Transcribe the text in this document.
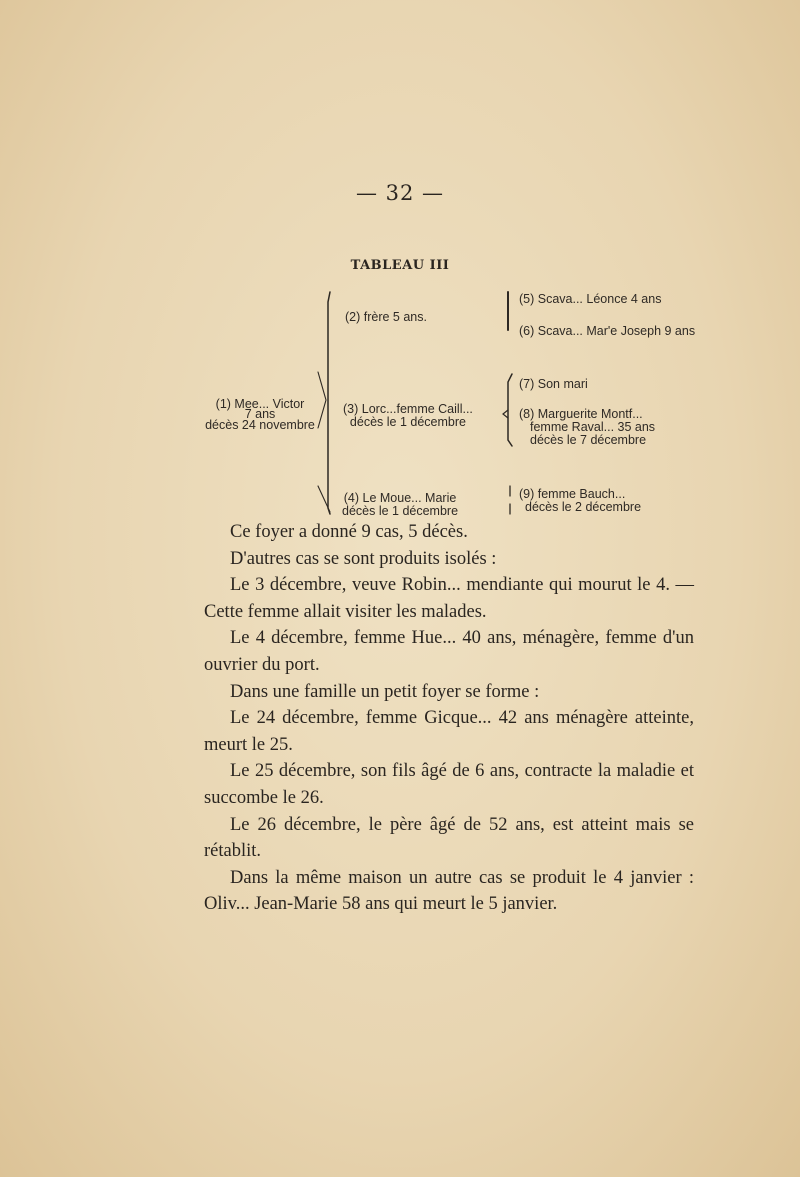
— 32 —
TABLEAU III
(1) Mee... Victor
7 ans
décès 24 novembre
(2) frère 5 ans.
(3) Lorc...femme Caill...
décès le 1 décembre
(4) Le Moue... Marie
décès le 1 décembre
(5) Scava... Léonce 4 ans
(6) Scava... Mar'e Joseph 9 ans
(7) Son mari
(8) Marguerite Montf...
femme Raval... 35 ans
décès le 7 décembre
(9) femme Bauch...
décès le 2 décembre

Ce foyer a donné 9 cas, 5 décès.

D'autres cas se sont produits isolés :

Le 3 décembre, veuve Robin... mendiante qui mourut le 4. — Cette femme allait visiter les malades.

Le 4 décembre, femme Hue... 40 ans, ménagère, femme d'un ouvrier du port.

Dans une famille un petit foyer se forme :

Le 24 décembre, femme Gicque... 42 ans ménagère atteinte, meurt le 25.

Le 25 décembre, son fils âgé de 6 ans, contracte la maladie et succombe le 26.

Le 26 décembre, le père âgé de 52 ans, est atteint mais se rétablit.

Dans la même maison un autre cas se produit le 4 janvier : Oliv... Jean-Marie 58 ans qui meurt le 5 janvier.
